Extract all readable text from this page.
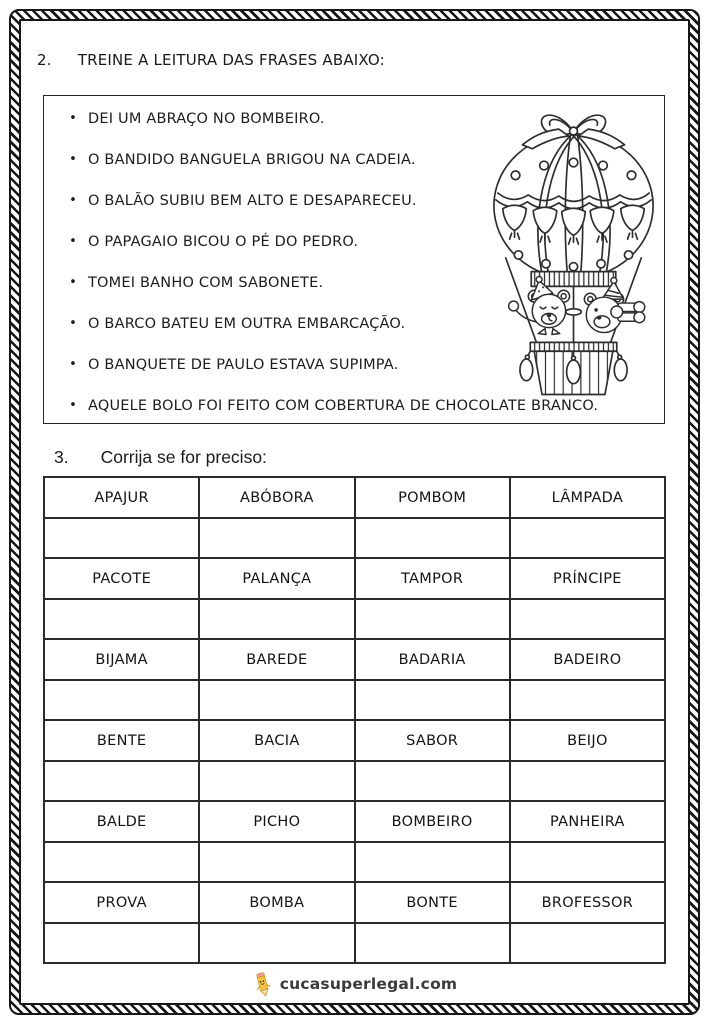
2. TREINE A LEITURA DAS FRASES ABAIXO:
• DEI UM ABRAÇO NO BOMBEIRO.
• O BANDIDO BANGUELA BRIGOU NA CADEIA.
• O BALÃO SUBIU BEM ALTO E DESAPARECEU.
• O PAPAGAIO BICOU O PÉ DO PEDRO.
• TOMEI BANHO COM SABONETE.
• O BARCO BATEU EM OUTRA EMBARCAÇÃO.
• O BANQUETE DE PAULO ESTAVA SUPIMPA.
• AQUELE BOLO FOI FEITO COM COBERTURA DE CHOCOLATE BRANCO.
3. Corrija se for preciso:
APAJUR	ABÓBORA	POMBOM	LÂMPADA

PACOTE	PALANÇA	TAMPOR	PRÍNCIPE

BIJAMA	BAREDE	BADARIA	BADEIRO

BENTE	BACIA	SABOR	BEIJO

BALDE	PICHO	BOMBEIRO	PANHEIRA

PROVA	BOMBA	BONTE	BROFESSOR

cucasuperlegal.com
